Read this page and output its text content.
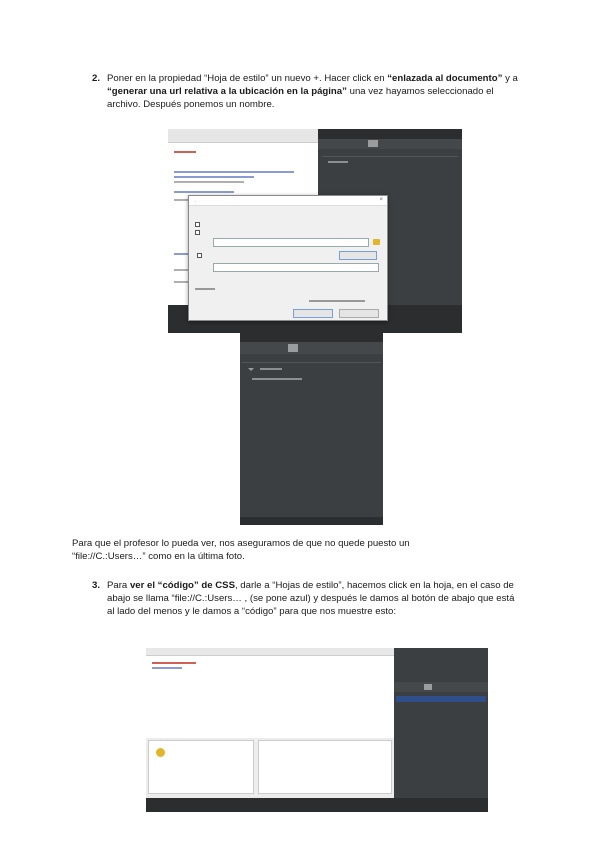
2. Poner en la propiedad “Hoja de estilo” un nuevo +. Hacer click en “enlazada al documento” y a “generar una url relativa a la ubicación en la página” una vez hayamos seleccionado el archivo. Después ponemos un nombre.
·	×
Para que el profesor lo pueda ver, nos aseguramos de que no quede puesto un
“file://C.:Users…” como en la última foto.
3. Para ver el “código” de CSS, darle a “Hojas de estilo”, hacemos click en la hoja, en el caso de abajo se llama “file://C.:Users… , (se pone azul) y después le damos al botón de abajo que está al lado del menos y le damos a “código” para que nos muestre esto:
